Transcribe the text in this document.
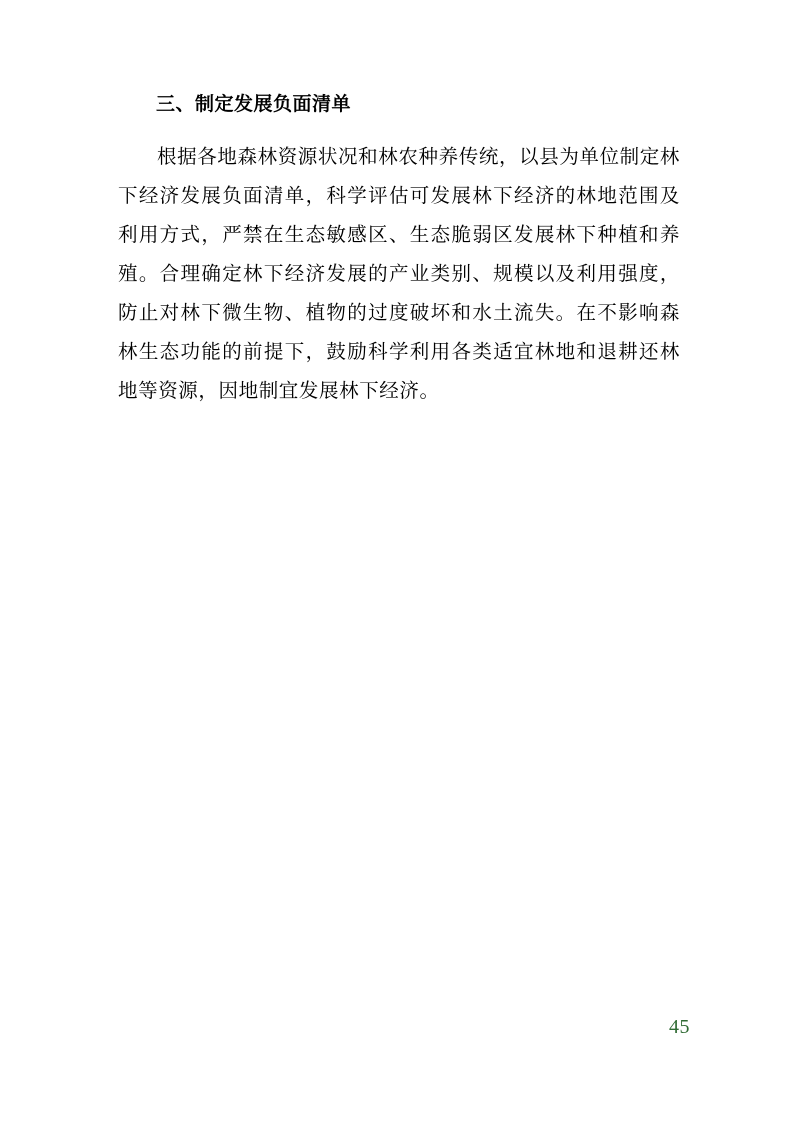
三、制定发展负面清单

根据各地森林资源状况和林农种养传统，以县为单位制定林下经济发展负面清单，科学评估可发展林下经济的林地范围及利用方式，严禁在生态敏感区、生态脆弱区发展林下种植和养殖。合理确定林下经济发展的产业类别、规模以及利用强度，防止对林下微生物、植物的过度破坏和水土流失。在不影响森林生态功能的前提下，鼓励科学利用各类适宜林地和退耕还林地等资源，因地制宜发展林下经济。

45
